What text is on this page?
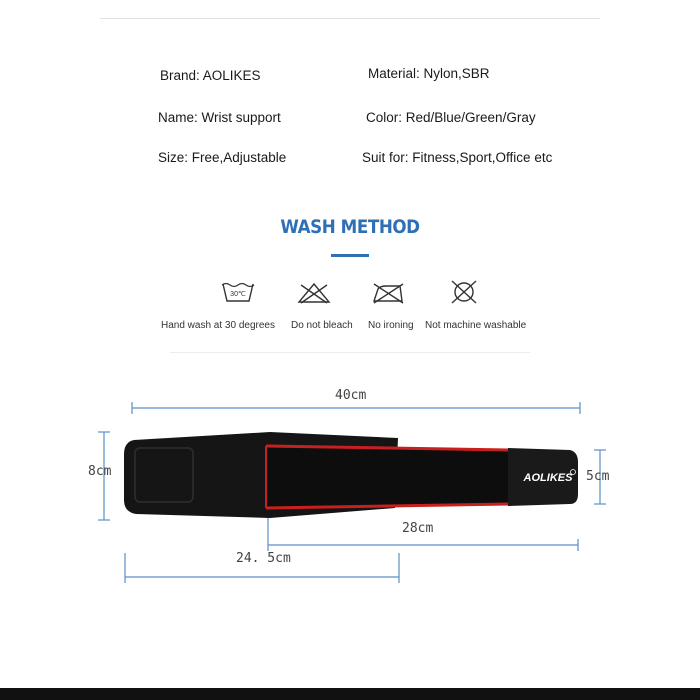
Brand: AOLIKES	Material: Nylon,SBR
Name: Wrist support	Color: Red/Blue/Green/Gray
Size: Free,Adjustable	Suit for: Fitness,Sport,Office etc
WASH METHOD
30℃
Hand wash at 30 degrees Do not bleach No ironing Not machine washable
AOLIKES
40cm
8cm	5cm
28cm
24. 5cm
